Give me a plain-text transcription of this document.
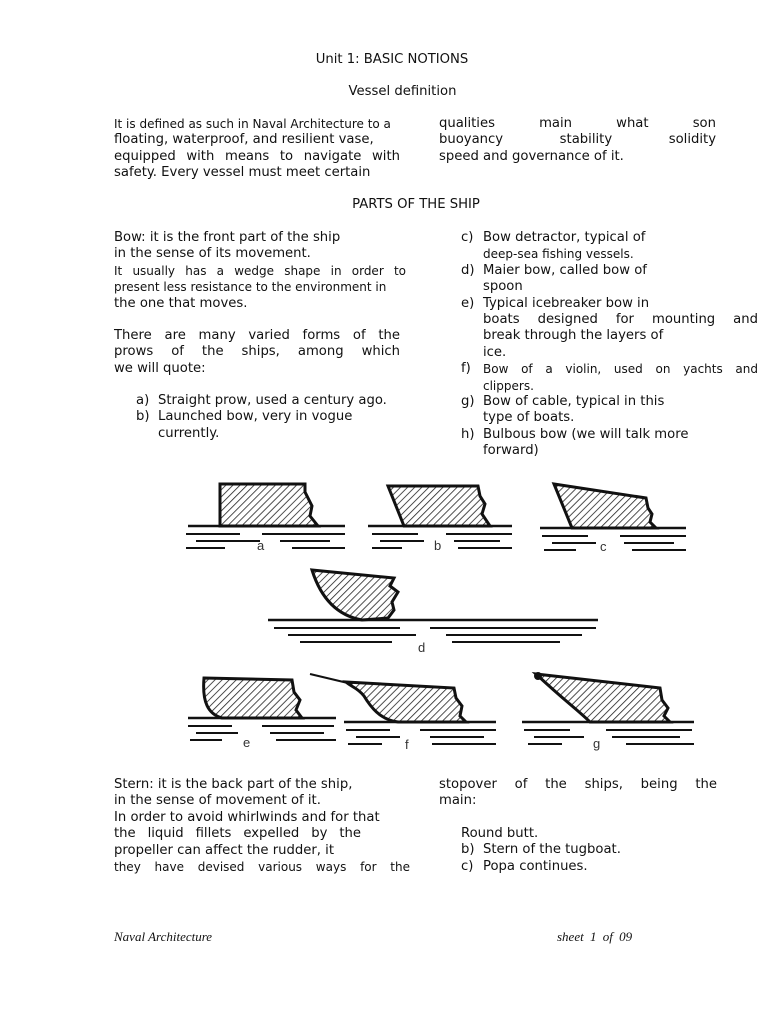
Unit 1: BASIC NOTIONS
Vessel definition
It is defined as such in Naval Architecture to a
floating, waterproof, and resilient vase,
equipped with means to navigate with
safety. Every vessel must meet certain
qualities main what son
buoyancy stability solidity
speed and governance of it.
PARTS OF THE SHIP
Bow: it is the front part of the ship
in the sense of its movement.
It usually has a wedge shape in order to
present less resistance to the environment in
the one that moves.
There are many varied forms of the
prows of the ships, among which
we will quote:
a) Straight prow, used a century ago.
b) Launched bow, very in vogue
currently.
c) Bow detractor, typical of
deep-sea fishing vessels.
d) Maier bow, called bow of
spoon
e) Typical icebreaker bow in
boats designed for mounting and
break through the layers of
ice.
f)	Bow of a violin, used on yachts and
clippers.
g) Bow of cable, typical in this
type of boats.
h) Bulbous bow (we will talk more
forward)
a	b	c
d
e	f	g
Stern: it is the back part of the ship,
in the sense of movement of it.
In order to avoid whirlwinds and for that
the liquid fillets expelled by the
propeller can affect the rudder, it
they have devised various ways for the
stopover of the ships, being the
main:
Round butt.
b) Stern of the tugboat.
c) Popa continues.
Naval Architecture	sheet 1 of 09
